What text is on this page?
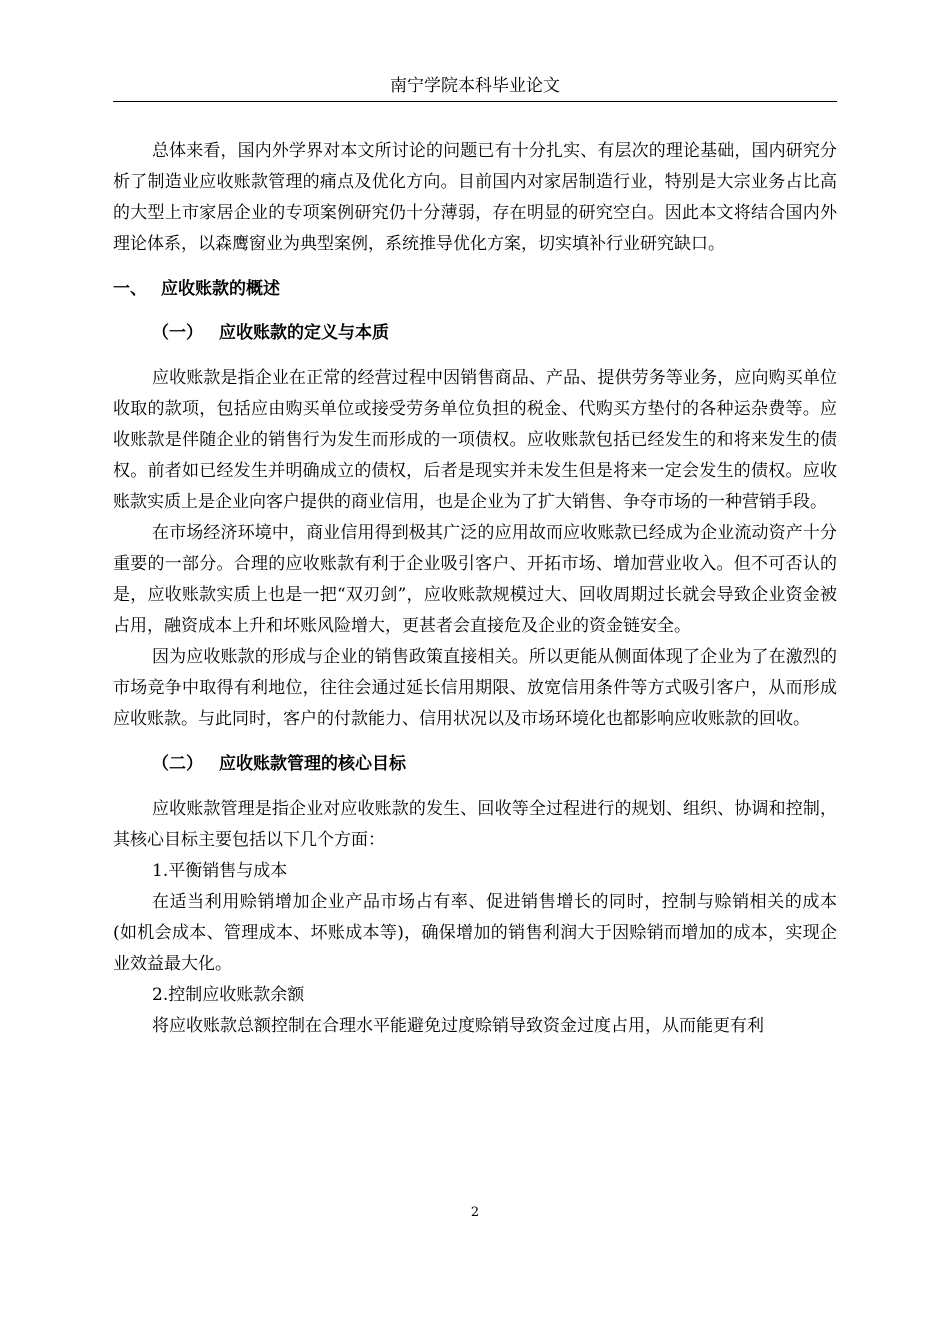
南宁学院本科毕业论文

总体来看，国内外学界对本文所讨论的问题已有十分扎实、有层次的理论基础，国内研究分析了制造业应收账款管理的痛点及优化方向。目前国内对家居制造行业，特别是大宗业务占比高的大型上市家居企业的专项案例研究仍十分薄弱，存在明显的研究空白。因此本文将结合国内外理论体系，以森鹰窗业为典型案例，系统推导优化方案，切实填补行业研究缺口。

一、 应收账款的概述

（一） 应收账款的定义与本质

应收账款是指企业在正常的经营过程中因销售商品、产品、提供劳务等业务，应向购买单位收取的款项，包括应由购买单位或接受劳务单位负担的税金、代购买方垫付的各种运杂费等。应收账款是伴随企业的销售行为发生而形成的一项债权。应收账款包括已经发生的和将来发生的债权。前者如已经发生并明确成立的债权，后者是现实并未发生但是将来一定会发生的债权。应收账款实质上是企业向客户提供的商业信用，也是企业为了扩大销售、争夺市场的一种营销手段。

在市场经济环境中，商业信用得到极其广泛的应用故而应收账款已经成为企业流动资产十分重要的一部分。合理的应收账款有利于企业吸引客户、开拓市场、增加营业收入。但不可否认的是，应收账款实质上也是一把“双刃剑”，应收账款规模过大、回收周期过长就会导致企业资金被占用，融资成本上升和坏账风险增大，更甚者会直接危及企业的资金链安全。

因为应收账款的形成与企业的销售政策直接相关。所以更能从侧面体现了企业为了在激烈的市场竞争中取得有利地位，往往会通过延长信用期限、放宽信用条件等方式吸引客户，从而形成应收账款。与此同时，客户的付款能力、信用状况以及市场环境化也都影响应收账款的回收。

（二） 应收账款管理的核心目标

应收账款管理是指企业对应收账款的发生、回收等全过程进行的规划、组织、协调和控制，其核心目标主要包括以下几个方面：

1.平衡销售与成本

在适当利用赊销增加企业产品市场占有率、促进销售增长的同时，控制与赊销相关的成本(如机会成本、管理成本、坏账成本等)，确保增加的销售利润大于因赊销而增加的成本，实现企业效益最大化。

2.控制应收账款余额

将应收账款总额控制在合理水平能避免过度赊销导致资金过度占用，从而能更有利

2
